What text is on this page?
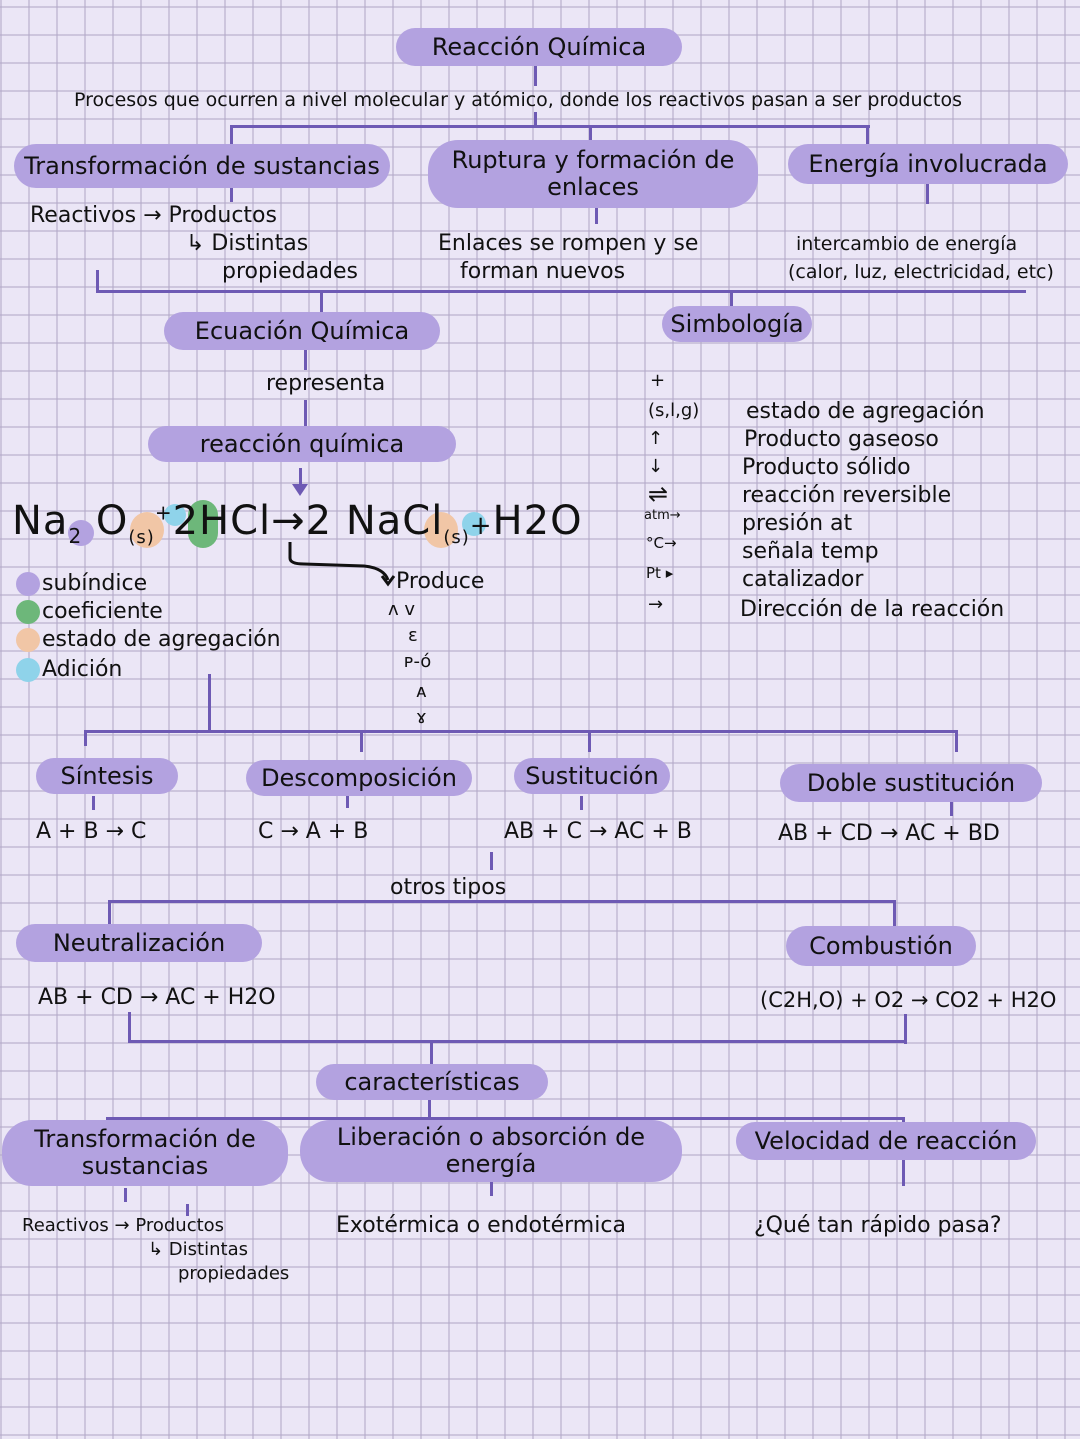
Reacción Química
Procesos que ocurren a nivel molecular y atómico, donde los reactivos pasan a ser productos
Transformación de sustancias
Reactivos → Productos
↳ Distintas
propiedades
Ruptura y formación de enlaces
Enlaces se rompen y se
forman nuevos
Energía involucrada
intercambio de energía
(calor, luz, electricidad, etc)
Ecuación Química
representa
reacción química
$Na_2$ $O_{(s)}^+2HCl\to 2$ NaCl$_{(s)}$+H2O
Produce
ʌ v
ε
ᴘ-ó
ᴀ
ɤ
subíndice
coeficiente
estado de agregación
Adición
Simbología
+
(s,l,g)	estado de agregación
↑	Producto gaseoso
↓	Producto sólido
⇌	reacción reversible
atm→	presión at
°C→	señala temp
Pt ▸	catalizador
→	Dirección de la reacción
Síntesis
A + B → C
Descomposición
C → A + B
Sustitución
AB + C → AC + B
Doble sustitución
AB + CD → AC + BD
otros tipos
Neutralización
AB + CD → AC + H2O
Combustión
(C2H,O) + O2 → CO2 + H2O
características
Transformación de sustancias
Reactivos → Productos
↳ Distintas
propiedades
Liberación o absorción de energía
Exotérmica o endotérmica
Velocidad de reacción
¿Qué tan rápido pasa?
